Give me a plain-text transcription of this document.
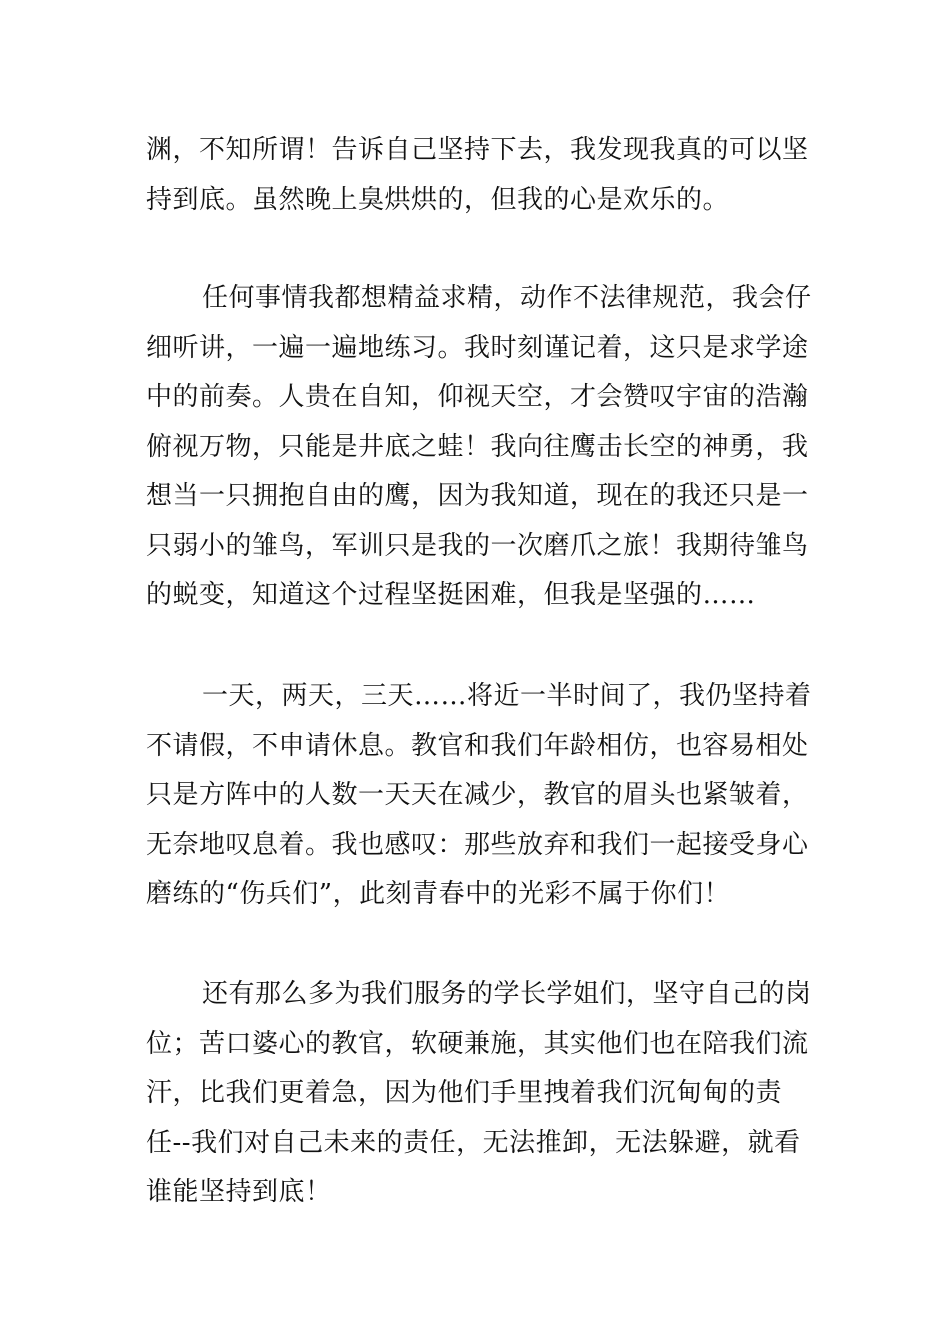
渊，不知所谓！告诉自己坚持下去，我发现我真的可以坚
持到底。虽然晚上臭烘烘的，但我的心是欢乐的。
任何事情我都想精益求精，动作不法律规范，我会仔
细听讲，一遍一遍地练习。我时刻谨记着，这只是求学途
中的前奏。人贵在自知，仰视天空，才会赞叹宇宙的浩瀚
俯视万物，只能是井底之蛙！我向往鹰击长空的神勇，我
想当一只拥抱自由的鹰，因为我知道，现在的我还只是一
只弱小的雏鸟，军训只是我的一次磨爪之旅！我期待雏鸟
的蜕变，知道这个过程坚挺困难，但我是坚强的……
一天，两天，三天……将近一半时间了，我仍坚持着
不请假，不申请休息。教官和我们年龄相仿，也容易相处
只是方阵中的人数一天天在减少，教官的眉头也紧皱着，
无奈地叹息着。我也感叹：那些放弃和我们一起接受身心
磨练的“伤兵们”，此刻青春中的光彩不属于你们！
还有那么多为我们服务的学长学姐们，坚守自己的岗
位；苦口婆心的教官，软硬兼施，其实他们也在陪我们流
汗，比我们更着急，因为他们手里拽着我们沉甸甸的责
任--我们对自己未来的责任，无法推卸，无法躲避，就看
谁能坚持到底！
